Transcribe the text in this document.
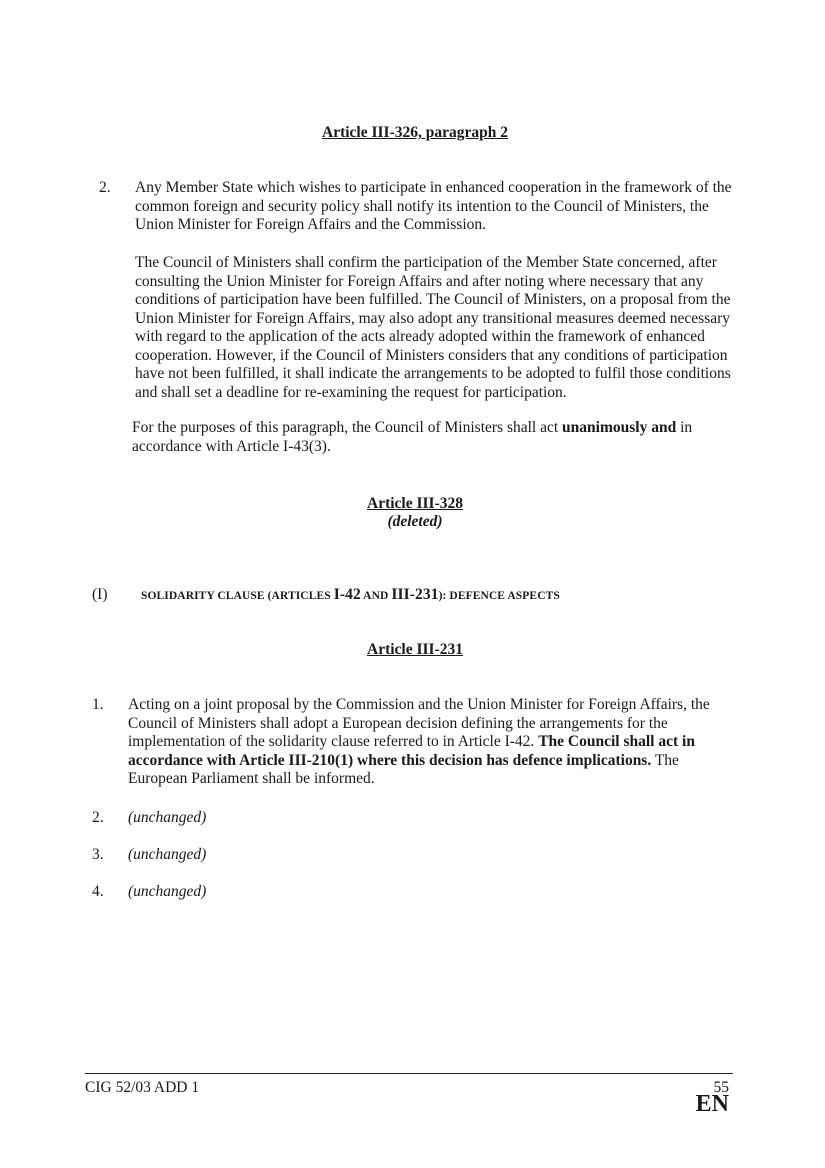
Article III-326, paragraph 2
2. Any Member State which wishes to participate in enhanced cooperation in the framework of the common foreign and security policy shall notify its intention to the Council of Ministers, the Union Minister for Foreign Affairs and the Commission.
The Council of Ministers shall confirm the participation of the Member State concerned, after consulting the Union Minister for Foreign Affairs and after noting where necessary that any conditions of participation have been fulfilled. The Council of Ministers, on a proposal from the Union Minister for Foreign Affairs, may also adopt any transitional measures deemed necessary with regard to the application of the acts already adopted within the framework of enhanced cooperation. However, if the Council of Ministers considers that any conditions of participation have not been fulfilled, it shall indicate the arrangements to be adopted to fulfil those conditions and shall set a deadline for re-examining the request for participation.
For the purposes of this paragraph, the Council of Ministers shall act unanimously and in accordance with Article I-43(3).
Article III-328
(deleted)
(I)	SOLIDARITY CLAUSE (ARTICLES I-42 AND III-231): DEFENCE ASPECTS
Article III-231
1. Acting on a joint proposal by the Commission and the Union Minister for Foreign Affairs, the Council of Ministers shall adopt a European decision defining the arrangements for the implementation of the solidarity clause referred to in Article I-42. The Council shall act in accordance with Article III-210(1) where this decision has defence implications. The European Parliament shall be informed.
2. (unchanged)
3. (unchanged)
4. (unchanged)
CIG 52/03 ADD 1	55
EN
